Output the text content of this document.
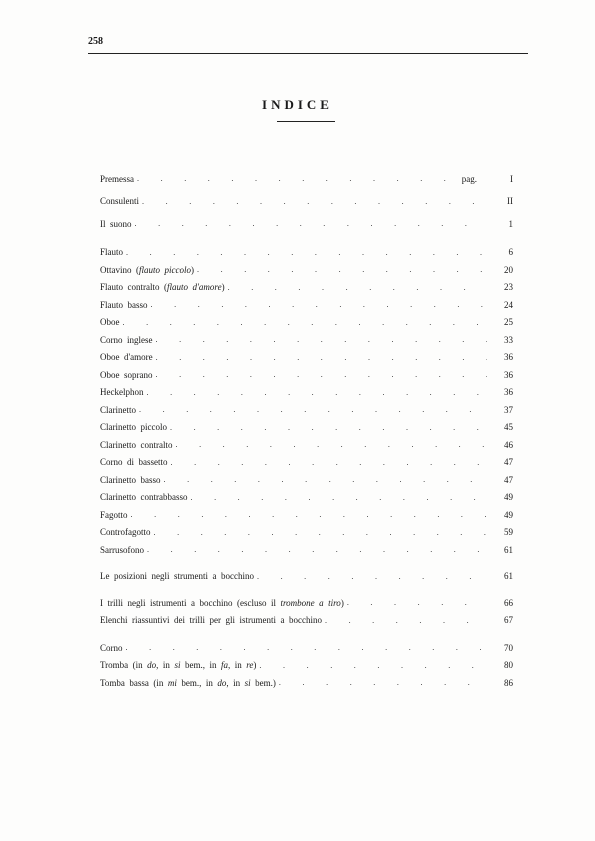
258
INDICE
Premessa . . .	pag.	I
Consulenti . . .	II
Il  suono . . .	1
Flauto . . .	6
Ottavino  (flauto  piccolo) . . .	20
Flauto  contralto  (flauto  d'amore) . . .	23
Flauto  basso . . .	24
Oboe . . .	25
Corno  inglese . . .	33
Oboe  d'amore . . .	36
Oboe  soprano . . .	36
Heckelphon . . .	36
Clarinetto . . .	37
Clarinetto  piccolo . . .	45
Clarinetto  contralto . . .	46
Corno  di  bassetto . . .	47
Clarinetto  basso . . .	47
Clarinetto  contrabbasso . . .	49
Fagotto . . .	49
Controfagotto . . .	59
Sarrusofono . . .	61
Le  posizioni  negli  strumenti  a  bocchino . . .	61
I  trilli  negli  istrumenti  a  bocchino  (escluso  il  trombone  a  tiro) . . .	66
Elenchi  riassuntivi  dei  trilli  per  gli  istrumenti  a  bocchino . . .	67
Corno . . .	70
Tromba  (in  do,  in  si  bem.,  in  fa,  in  re) . . .	80
Tomba  bassa  (in  mi  bem.,  in  do,  in  si  bem.) . . .	86
